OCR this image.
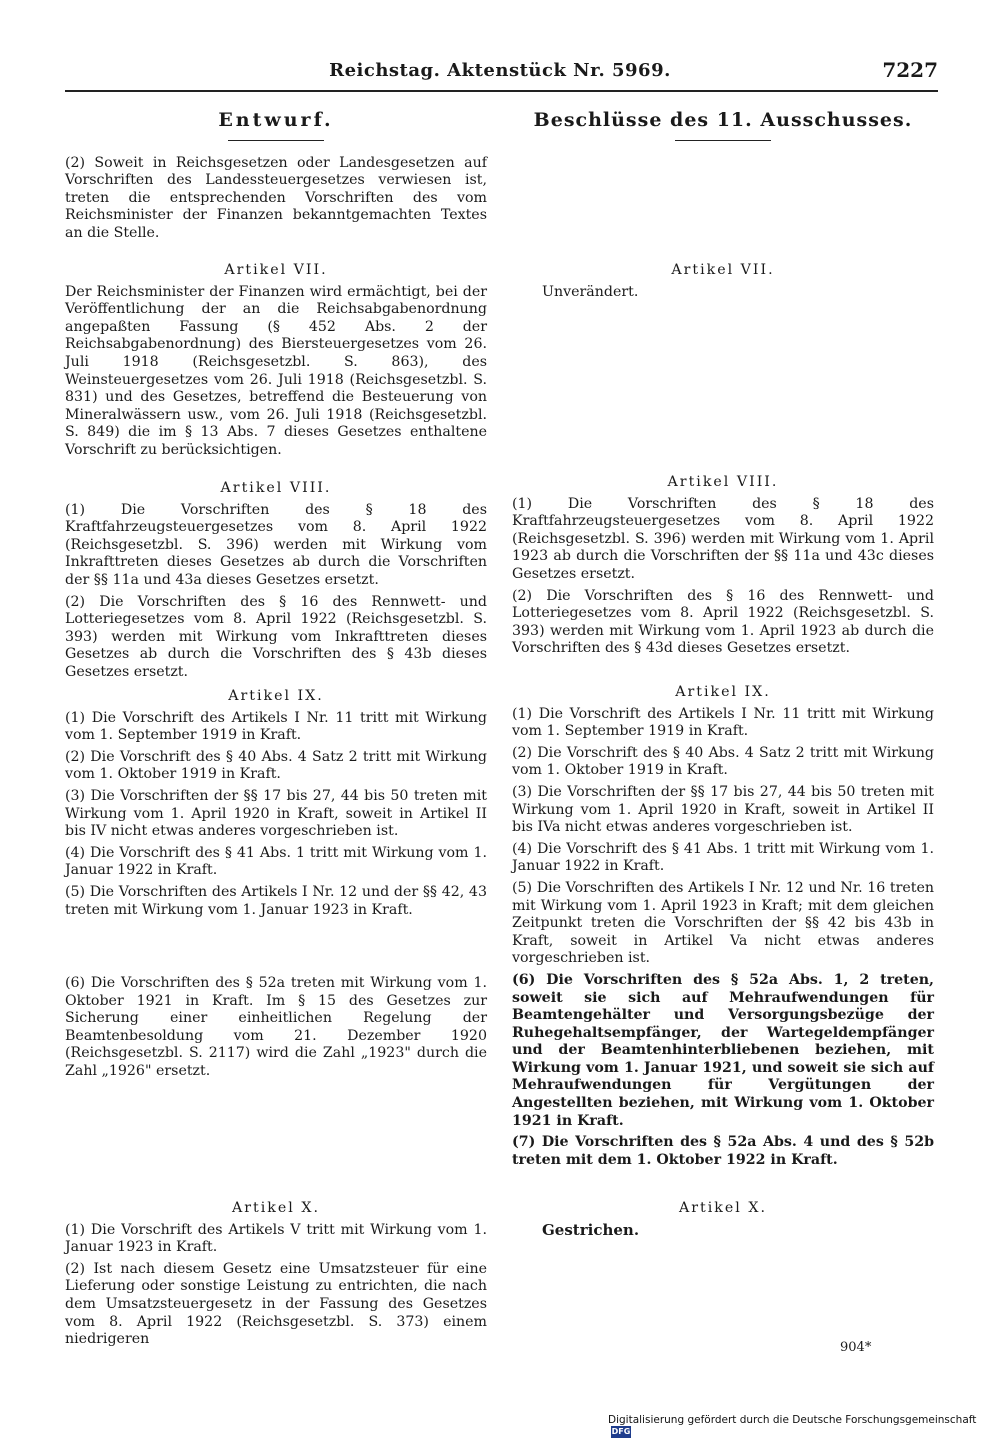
Reichstag. Aktenstück Nr. 5969.	7227
Entwurf.

(2) Soweit in Reichsgesetzen oder Landesgesetzen auf Vorschriften des Landessteuergesetzes verwiesen ist, treten die entsprechenden Vorschriften des vom Reichsminister der Finanzen bekanntgemachten Textes an die Stelle.

Artikel VII.

Der Reichsminister der Finanzen wird ermächtigt, bei der Veröffentlichung der an die Reichsabgabenordnung angepaßten Fassung (§ 452 Abs. 2 der Reichsabgabenordnung) des Biersteuergesetzes vom 26. Juli 1918 (Reichsgesetzbl. S. 863), des Weinsteuergesetzes vom 26. Juli 1918 (Reichsgesetzbl. S. 831) und des Gesetzes, betreffend die Besteuerung von Mineralwässern usw., vom 26. Juli 1918 (Reichsgesetzbl. S. 849) die im § 13 Abs. 7 dieses Gesetzes enthaltene Vorschrift zu berücksichtigen.

Artikel VIII.

(1) Die Vorschriften des § 18 des Kraftfahrzeugsteuergesetzes vom 8. April 1922 (Reichsgesetzbl. S. 396) werden mit Wirkung vom Inkrafttreten dieses Gesetzes ab durch die Vorschriften der §§ 11a und 43a dieses Gesetzes ersetzt.

(2) Die Vorschriften des § 16 des Rennwett- und Lotteriegesetzes vom 8. April 1922 (Reichsgesetzbl. S. 393) werden mit Wirkung vom Inkrafttreten dieses Gesetzes ab durch die Vorschriften des § 43b dieses Gesetzes ersetzt.

Artikel IX.

(1) Die Vorschrift des Artikels I Nr. 11 tritt mit Wirkung vom 1. September 1919 in Kraft.

(2) Die Vorschrift des § 40 Abs. 4 Satz 2 tritt mit Wirkung vom 1. Oktober 1919 in Kraft.

(3) Die Vorschriften der §§ 17 bis 27, 44 bis 50 treten mit Wirkung vom 1. April 1920 in Kraft, soweit in Artikel II bis IV nicht etwas anderes vorgeschrieben ist.

(4) Die Vorschrift des § 41 Abs. 1 tritt mit Wirkung vom 1. Januar 1922 in Kraft.

(5) Die Vorschriften des Artikels I Nr. 12 und der §§ 42, 43 treten mit Wirkung vom 1. Januar 1923 in Kraft.

(6) Die Vorschriften des § 52a treten mit Wirkung vom 1. Oktober 1921 in Kraft. Im § 15 des Gesetzes zur Sicherung einer einheitlichen Regelung der Beamtenbesoldung vom 21. Dezember 1920 (Reichsgesetzbl. S. 2117) wird die Zahl „1923" durch die Zahl „1926" ersetzt.

Artikel X.

(1) Die Vorschrift des Artikels V tritt mit Wirkung vom 1. Januar 1923 in Kraft.

(2) Ist nach diesem Gesetz eine Umsatzsteuer für eine Lieferung oder sonstige Leistung zu entrichten, die nach dem Umsatzsteuergesetz in der Fassung des Gesetzes vom 8. April 1922 (Reichsgesetzbl. S. 373) einem niedrigeren

Beschlüsse des 11. Ausschusses.
Artikel VII.

Unverändert.

Artikel VIII.

(1) Die Vorschriften des § 18 des Kraftfahrzeugsteuergesetzes vom 8. April 1922 (Reichsgesetzbl. S. 396) werden mit Wirkung vom 1. April 1923 ab durch die Vorschriften der §§ 11a und 43c dieses Gesetzes ersetzt.

(2) Die Vorschriften des § 16 des Rennwett- und Lotteriegesetzes vom 8. April 1922 (Reichsgesetzbl. S. 393) werden mit Wirkung vom 1. April 1923 ab durch die Vorschriften des § 43d dieses Gesetzes ersetzt.

Artikel IX.

(1) Die Vorschrift des Artikels I Nr. 11 tritt mit Wirkung vom 1. September 1919 in Kraft.

(2) Die Vorschrift des § 40 Abs. 4 Satz 2 tritt mit Wirkung vom 1. Oktober 1919 in Kraft.

(3) Die Vorschriften der §§ 17 bis 27, 44 bis 50 treten mit Wirkung vom 1. April 1920 in Kraft, soweit in Artikel II bis IVa nicht etwas anderes vorgeschrieben ist.

(4) Die Vorschrift des § 41 Abs. 1 tritt mit Wirkung vom 1. Januar 1922 in Kraft.

(5) Die Vorschriften des Artikels I Nr. 12 und Nr. 16 treten mit Wirkung vom 1. April 1923 in Kraft; mit dem gleichen Zeitpunkt treten die Vorschriften der §§ 42 bis 43b in Kraft, soweit in Artikel Va nicht etwas anderes vorgeschrieben ist.

(6) Die Vorschriften des § 52a Abs. 1, 2 treten, soweit sie sich auf Mehraufwendungen für Beamtengehälter und Versorgungsbezüge der Ruhegehaltsempfänger, der Wartegeldempfänger und der Beamtenhinterbliebenen beziehen, mit Wirkung vom 1. Januar 1921, und soweit sie sich auf Mehraufwendungen für Vergütungen der Angestellten beziehen, mit Wirkung vom 1. Oktober 1921 in Kraft.

(7) Die Vorschriften des § 52a Abs. 4 und des § 52b treten mit dem 1. Oktober 1922 in Kraft.

Artikel X.

Gestrichen.

904*
Digitalisierung gefördert durch die Deutsche Forschungsgemeinschaft DFG
